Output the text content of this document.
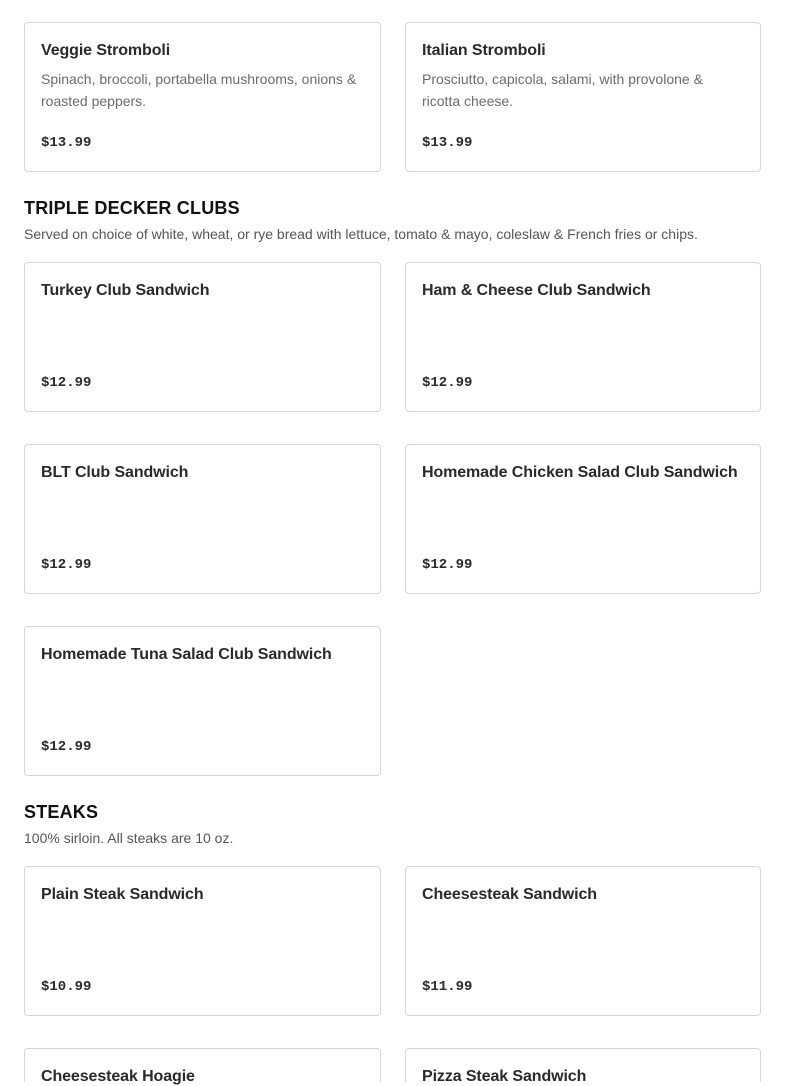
Veggie Stromboli
Spinach, broccoli, portabella mushrooms, onions & roasted peppers.
$13.99
Italian Stromboli
Prosciutto, capicola, salami, with provolone & ricotta cheese.
$13.99
TRIPLE DECKER CLUBS
Served on choice of white, wheat, or rye bread with lettuce, tomato & mayo, coleslaw & French fries or chips.
Turkey Club Sandwich
$12.99
Ham & Cheese Club Sandwich
$12.99
BLT Club Sandwich
$12.99
Homemade Chicken Salad Club Sandwich
$12.99
Homemade Tuna Salad Club Sandwich
$12.99
STEAKS
100% sirloin. All steaks are 10 oz.
Plain Steak Sandwich
$10.99
Cheesesteak Sandwich
$11.99
Cheesesteak Hoagie	Pizza Steak Sandwich
